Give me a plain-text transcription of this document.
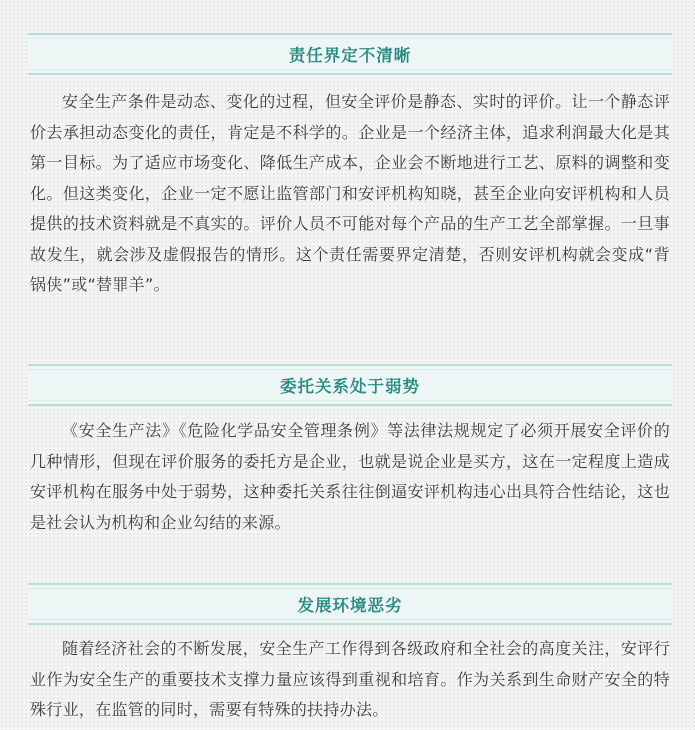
责任界定不清晰

安全生产条件是动态、变化的过程，但安全评价是静态、实时的评价。让一个静态评价去承担动态变化的责任，肯定是不科学的。企业是一个经济主体，追求利润最大化是其第一目标。为了适应市场变化、降低生产成本，企业会不断地进行工艺、原料的调整和变化。但这类变化，企业一定不愿让监管部门和安评机构知晓，甚至企业向安评机构和人员提供的技术资料就是不真实的。评价人员不可能对每个产品的生产工艺全部掌握。一旦事故发生，就会涉及虚假报告的情形。这个责任需要界定清楚，否则安评机构就会变成“背锅侠”或“替罪羊”。

委托关系处于弱势

《安全生产法》《危险化学品安全管理条例》等法律法规规定了必须开展安全评价的几种情形，但现在评价服务的委托方是企业，也就是说企业是买方，这在一定程度上造成安评机构在服务中处于弱势，这种委托关系往往倒逼安评机构违心出具符合性结论，这也是社会认为机构和企业勾结的来源。

发展环境恶劣

随着经济社会的不断发展，安全生产工作得到各级政府和全社会的高度关注，安评行业作为安全生产的重要技术支撑力量应该得到重视和培育。作为关系到生命财产安全的特殊行业，在监管的同时，需要有特殊的扶持办法。
